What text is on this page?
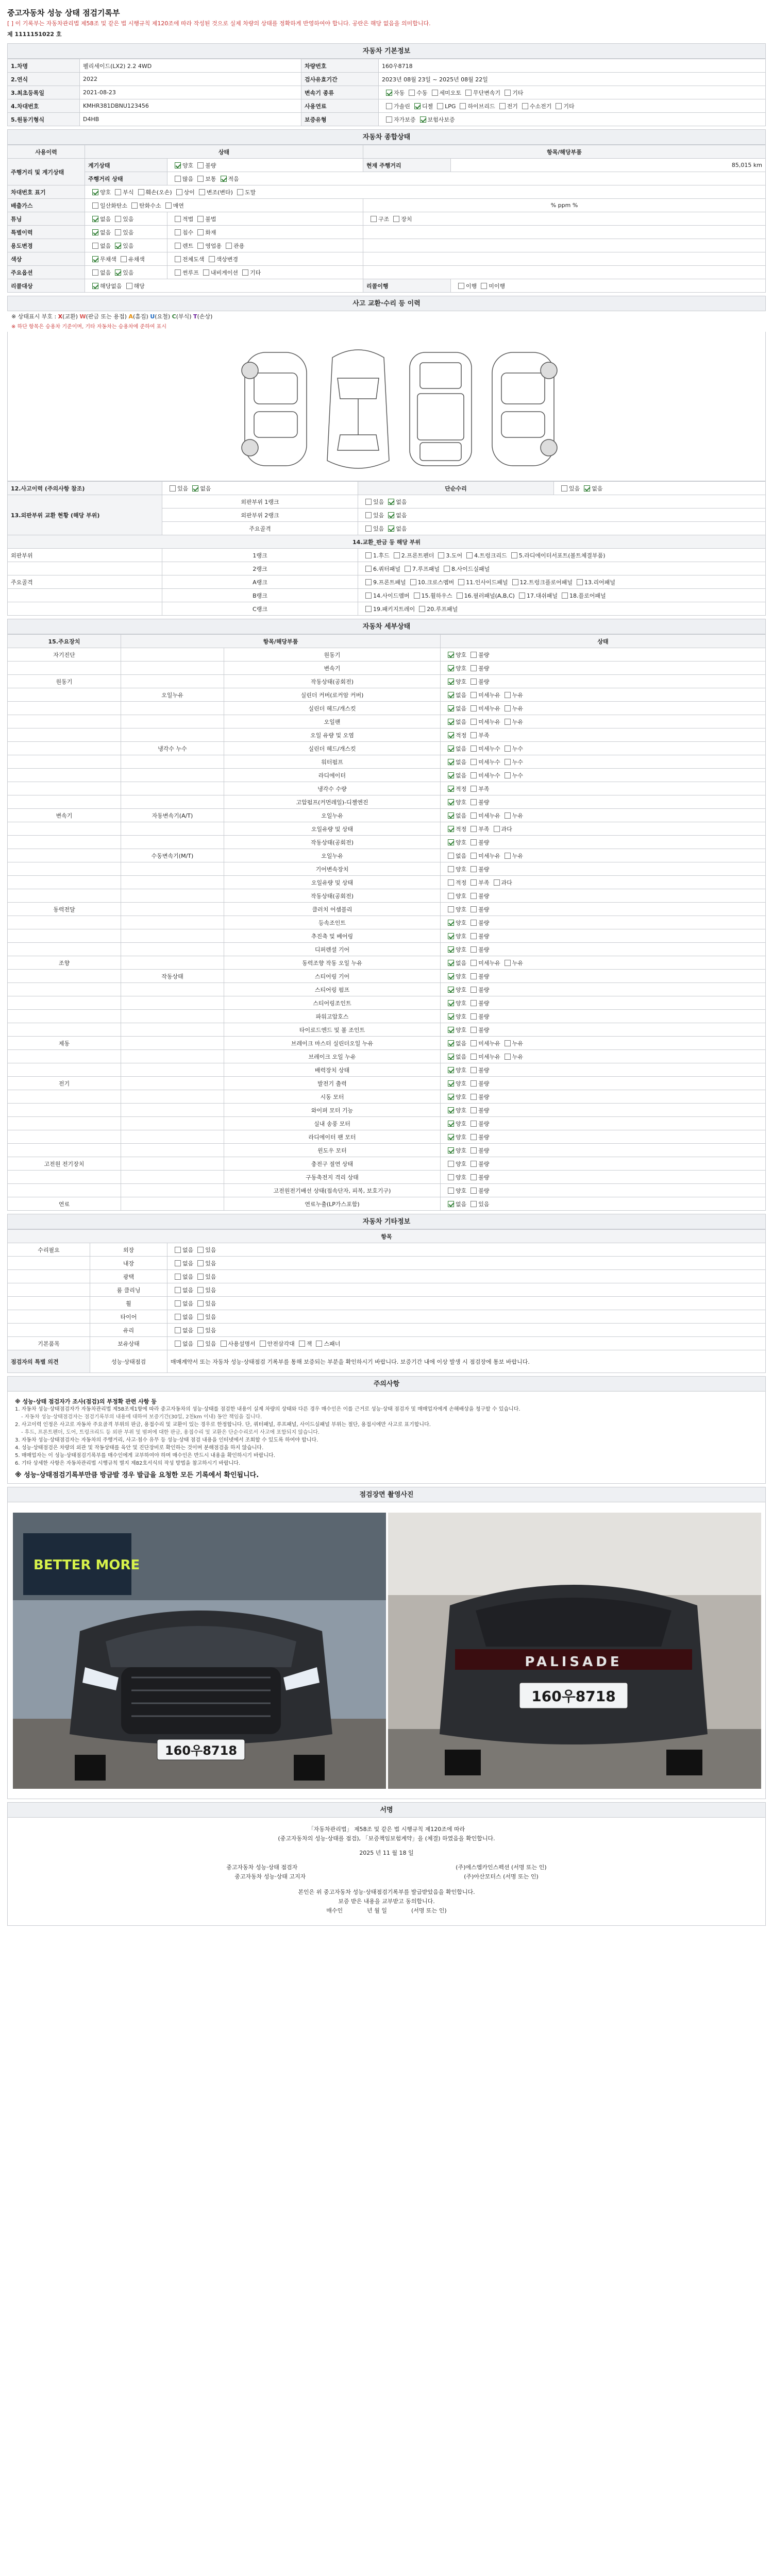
중고자동차 성능 상태 점검기록부
[ ] 이 기록부는 자동차관리법 제58조 및 같은 법 시행규칙 제120조에 따라 작성된 것으로 실제 차량의 상태를 정확하게 반영하여야 합니다. 공란은 해당 없음을 의미합니다.
제 1111151022 호
자동차 기본정보
1.차명	펠리세이드(LX2) 2.2 4WD	차량번호	160우8718
2.연식	2022	검사유효기간	2023년 08월 23일 ~ 2025년 08월 22일
3.최초등록일	2021-08-23	변속기 종류	자동 수동 세미오토 무단변속기 기타
4.차대번호	KMHR381DBNU123456	사용연료	가솔린 디젤 LPG 하이브리드 전기 수소전기 기타
5.원동기형식	D4HB	보증유형	자가보증 보험사보증
자동차 종합상태
사용이력	상태		항목/해당부품	
주행거리 및 계기상태	계기상태	양호 불량	현재 주행거리	85,015 km
	주행거리 상태	많음 보통 적음		
차대번호 표기	양호 부식 훼손(오손) 상이 변조(변타) 도말			
배출가스	일산화탄소 탄화수소 매연		% ppm %	
튜닝	없음 있음	적법 불법	구조 장치	
특별이력	없음 있음	침수 화재		
용도변경	없음 있음	렌트 영업용 관용		
색상	무채색 유채색	전체도색 색상변경		
주요옵션	없음 있음	썬루프 내비게이션 기타		
리콜대상	해당없음 해당		리콜이행	이행 미이행
사고 교환·수리 등 이력
※ 상태표시 부호 : X(교환) W(판금 또는 용접) A(흠집) U(요철) C(부식) T(손상)
※ 하단 항목은 승용차 기준이며, 기타 자동차는 승용차에 준하여 표시
12.사고이력 (주의사항 참조)	있음 없음	단순수리	있음 없음
13.외판부위 교환 현황 (해당 부위)	외판부위 1랭크	있음 없음	
	외판부위 2랭크	있음 없음	
	주요골격	있음 없음	
14.교환_판금 등 해당 부위			
외판부위	1랭크	1.후드 2.프론트펜더 3.도어 4.트렁크리드 5.라디에이터서포트(볼트체결부품)	
	2랭크	6.쿼터패널 7.루프패널 8.사이드실패널	
주요골격	A랭크	9.프론트패널 10.크로스멤버 11.인사이드패널 12.트렁크플로어패널 13.리어패널	
	B랭크	14.사이드멤버 15.휠하우스 16.필러패널(A,B,C) 17.대쉬패널 18.플로어패널	
	C랭크	19.패키지트레이 20.루프패널	
자동차 세부상태
15.주요장치	항목/해당부품		상태
자기진단		원동기	양호 불량
		변속기	양호 불량
원동기		작동상태(공회전)	양호 불량
	오일누유	실린더 커버(로커암 커버)	없음 미세누유 누유
		실린더 헤드/개스킷	없음 미세누유 누유
		오일팬	없음 미세누유 누유
		오일 유량 및 오염	적정 부족
	냉각수 누수	실린더 헤드/개스킷	없음 미세누수 누수
		워터펌프	없음 미세누수 누수
		라디에이터	없음 미세누수 누수
		냉각수 수량	적정 부족
		고압펌프(커먼레일)-디젤엔진	양호 불량
변속기	자동변속기(A/T)	오일누유	없음 미세누유 누유
		오일유량 및 상태	적정 부족 과다
		작동상태(공회전)	양호 불량
	수동변속기(M/T)	오일누유	없음 미세누유 누유
		기어변속장치	양호 불량
		오일유량 및 상태	적정 부족 과다
		작동상태(공회전)	양호 불량
동력전달		클러치 어셈블리	양호 불량
		등속조인트	양호 불량
		추진축 및 베어링	양호 불량
		디퍼렌셜 기어	양호 불량
조향		동력조향 작동 오일 누유	없음 미세누유 누유
	작동상태	스티어링 기어	양호 불량
		스티어링 펌프	양호 불량
		스티어링조인트	양호 불량
		파워고압호스	양호 불량
		타이로드엔드 및 볼 조인트	양호 불량
제동		브레이크 마스터 실린더오일 누유	없음 미세누유 누유
		브레이크 오일 누유	없음 미세누유 누유
		배력장치 상태	양호 불량
전기		발전기 출력	양호 불량
		시동 모터	양호 불량
		와이퍼 모터 기능	양호 불량
		실내 송풍 모터	양호 불량
		라디에이터 팬 모터	양호 불량
		윈도우 모터	양호 불량
고전원 전기장치		충전구 절연 상태	양호 불량
		구동축전지 격리 상태	양호 불량
		고전원전기배선 상태(접속단자, 피복, 보호기구)	양호 불량
연료		연료누출(LP가스포함)	없음 있음
자동차 기타정보
항목		
수리필요	외장	없음 있음
	내장	없음 있음
	광택	없음 있음
	룸 클리닝	없음 있음
	휠	없음 있음
	타이어	없음 있음
	유리	없음 있음
기본품목	보유상태	없음 있음 사용설명서 안전삼각대 잭 스패너
점검자의 특별 의견	성능·상태점검	매매계약서 또는 자동차 성능·상태점검 기록부를 통해 보증되는 부분을 확인하시기 바랍니다. 보증기간 내에 이상 발생 시 점검장에 통보 바랍니다.
주의사항

※ 성능·상태 점검자가 조사(점검)의 부정확 관련 사항 등

1. 자동차 성능·상태점검자가 자동차관리법 제58조제1항에 따라 중고자동차의 성능·상태를 점검한 내용이 실제 차량의 상태와 다른 경우 매수인은 이를 근거로 성능·상태 점검자 및 매매업자에게 손해배상을 청구할 수 있습니다.

- 자동차 성능·상태점검자는 점검기록부의 내용에 대하여 보증기간(30일, 2천km 이내) 동안 책임을 집니다.

2. 사고이력 인정은 사고로 자동차 주요골격 부위의 판금, 용접수리 및 교환이 있는 경우로 한정합니다. 단, 쿼터패널, 루프패널, 사이드실패널 부위는 절단, 용접시에만 사고로 표기합니다.

- 후드, 프론트펜더, 도어, 트렁크리드 등 외판 부위 및 범퍼에 대한 판금, 용접수리 및 교환은 단순수리로서 사고에 포함되지 않습니다.

3. 자동차 성능·상태점검자는 자동차의 주행거리, 사고·침수 유무 등 성능·상태 점검 내용을 인터넷에서 조회할 수 있도록 하여야 합니다.

4. 성능·상태점검은 차량의 외관 및 작동상태를 육안 및 진단장비로 확인하는 것이며 분해점검을 하지 않습니다.

5. 매매업자는 이 성능·상태점검기록부를 매수인에게 교부하여야 하며 매수인은 반드시 내용을 확인하시기 바랍니다.

6. 기타 상세한 사항은 자동차관리법 시행규칙 별지 제82호서식의 작성 방법을 참고하시기 바랍니다.

※ 성능·상태점검기록부만큼 방금발 경우 발급을 요청한 모든 기록에서 확인됩니다.

점검장면 촬영사진
BETTER MORE
160우8718
PALISADE
160우8718
서명
「자동차관리법」 제58조 및 같은 법 시행규칙 제120조에 따라
(중고자동차의 성능·상태를 점검), 「보증책임보험계약」을 (체결) 하였음을 확인합니다.
2025 년 11 월 18 일
중고자동차 성능·상태 점검자	(주)에스엠카인스펙션 (서명 또는 인)
중고자동차 성능·상태 고지자	(주)아산모터스 (서명 또는 인)
본인은 위 중고자동차 성능·상태점검기록부를 발급받았음을 확인합니다.
보증 받은 내용을 교부받고 동의합니다.
매수인	년 월 일	(서명 또는 인)
